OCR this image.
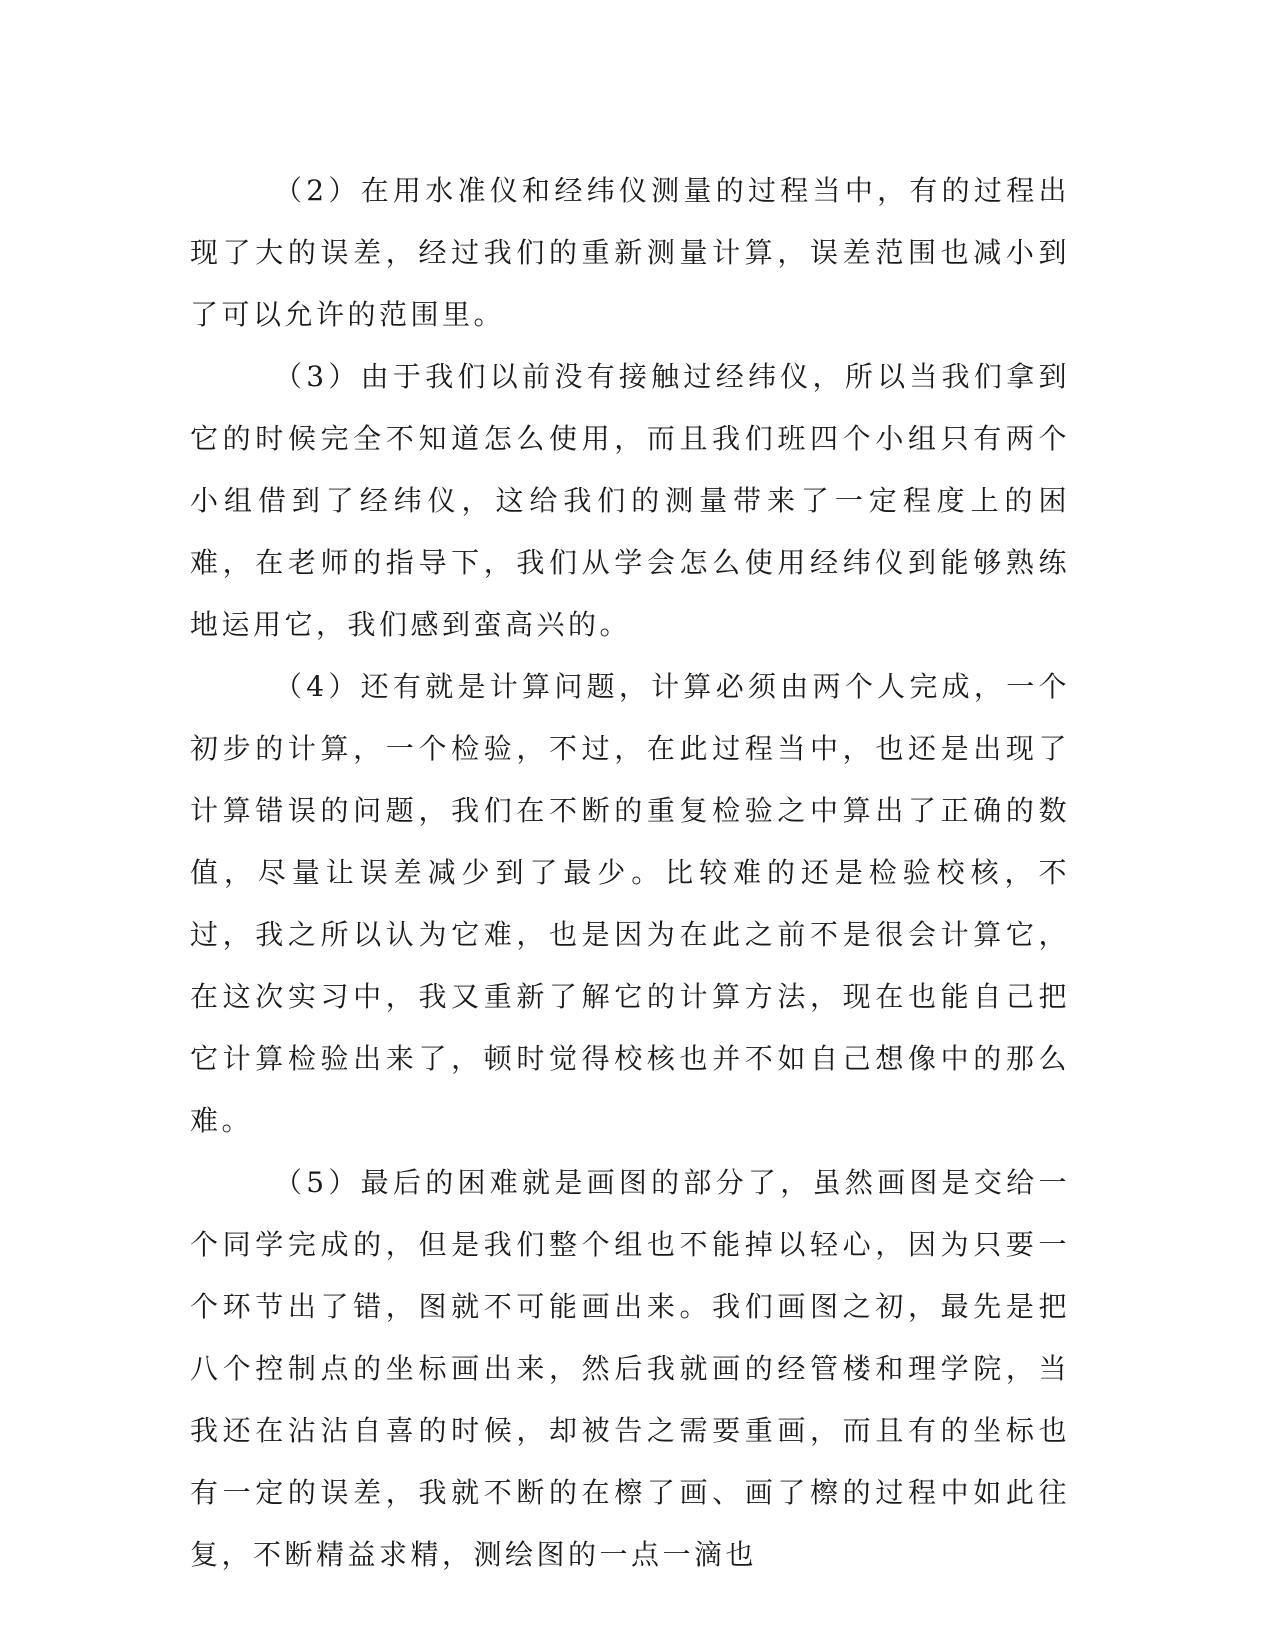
（2）在用水准仪和经纬仪测量的过程当中，有的过程出现了大的误差，经过我们的重新测量计算，误差范围也减小到了可以允许的范围里。

（3）由于我们以前没有接触过经纬仪，所以当我们拿到它的时候完全不知道怎么使用，而且我们班四个小组只有两个小组借到了经纬仪，这给我们的测量带来了一定程度上的困难，在老师的指导下，我们从学会怎么使用经纬仪到能够熟练地运用它，我们感到蛮高兴的。

（4）还有就是计算问题，计算必须由两个人完成，一个初步的计算，一个检验，不过，在此过程当中，也还是出现了计算错误的问题，我们在不断的重复检验之中算出了正确的数值，尽量让误差减少到了最少。比较难的还是检验校核，不过，我之所以认为它难，也是因为在此之前不是很会计算它，在这次实习中，我又重新了解它的计算方法，现在也能自己把它计算检验出来了，顿时觉得校核也并不如自己想像中的那么难。

（5）最后的困难就是画图的部分了，虽然画图是交给一个同学完成的，但是我们整个组也不能掉以轻心，因为只要一个环节出了错，图就不可能画出来。我们画图之初，最先是把八个控制点的坐标画出来，然后我就画的经管楼和理学院，当我还在沾沾自喜的时候，却被告之需要重画，而且有的坐标也有一定的误差，我就不断的在檫了画、画了檫的过程中如此往复，不断精益求精，测绘图的一点一滴也
